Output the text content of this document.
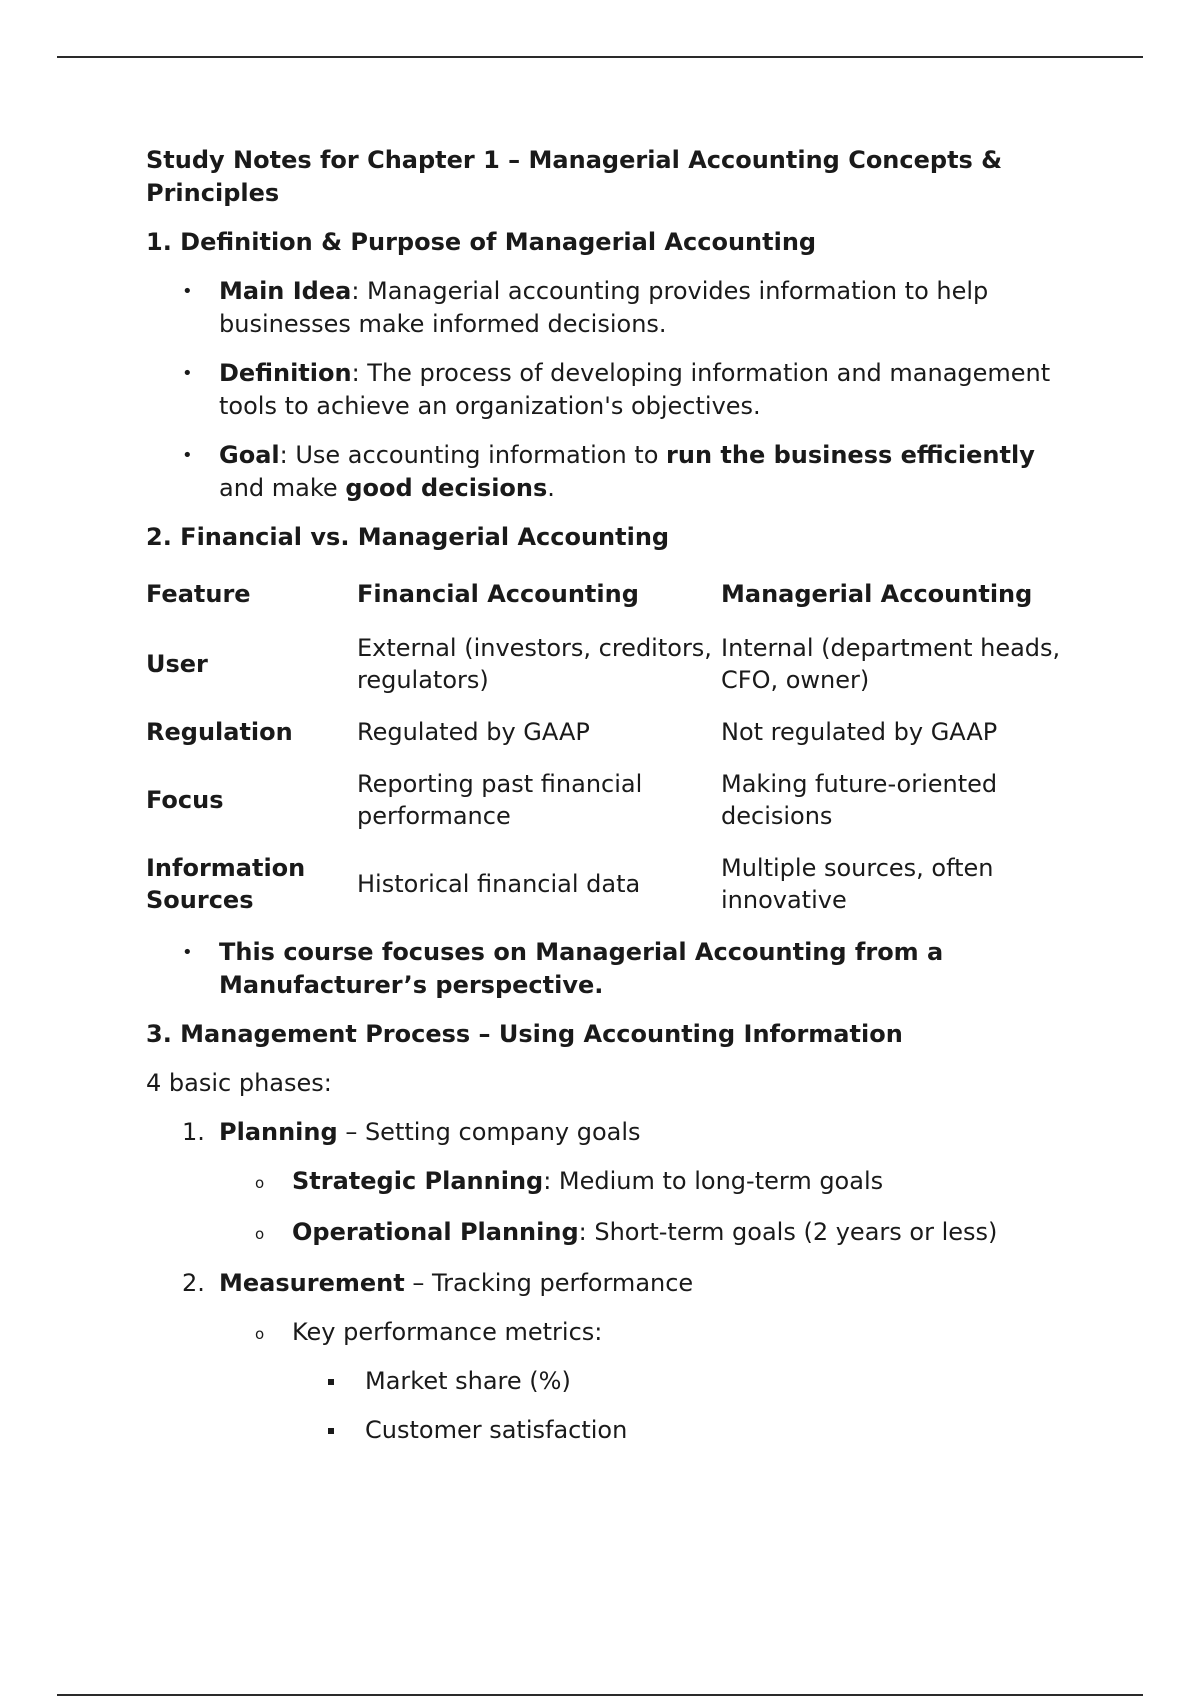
Study Notes for Chapter 1 – Managerial Accounting Concepts & Principles
1. Definition & Purpose of Managerial Accounting
• Main Idea: Managerial accounting provides information to help businesses make informed decisions.
• Definition: The process of developing information and management tools to achieve an organization's objectives.
• Goal: Use accounting information to run the business efficiently and make good decisions.
2. Financial vs. Managerial Accounting
Feature	Financial Accounting	Managerial Accounting
User	External (investors, creditors, regulators)	Internal (department heads, CFO, owner)
Regulation	Regulated by GAAP	Not regulated by GAAP
Focus	Reporting past financial performance	Making future-oriented decisions
Information Sources	Historical financial data	Multiple sources, often innovative
• This course focuses on Managerial Accounting from a Manufacturer’s perspective.
3. Management Process – Using Accounting Information
4 basic phases:
1. Planning – Setting company goals
o Strategic Planning: Medium to long-term goals
o Operational Planning: Short-term goals (2 years or less)
2. Measurement – Tracking performance
o Key performance metrics:
Market share (%)
Customer satisfaction
